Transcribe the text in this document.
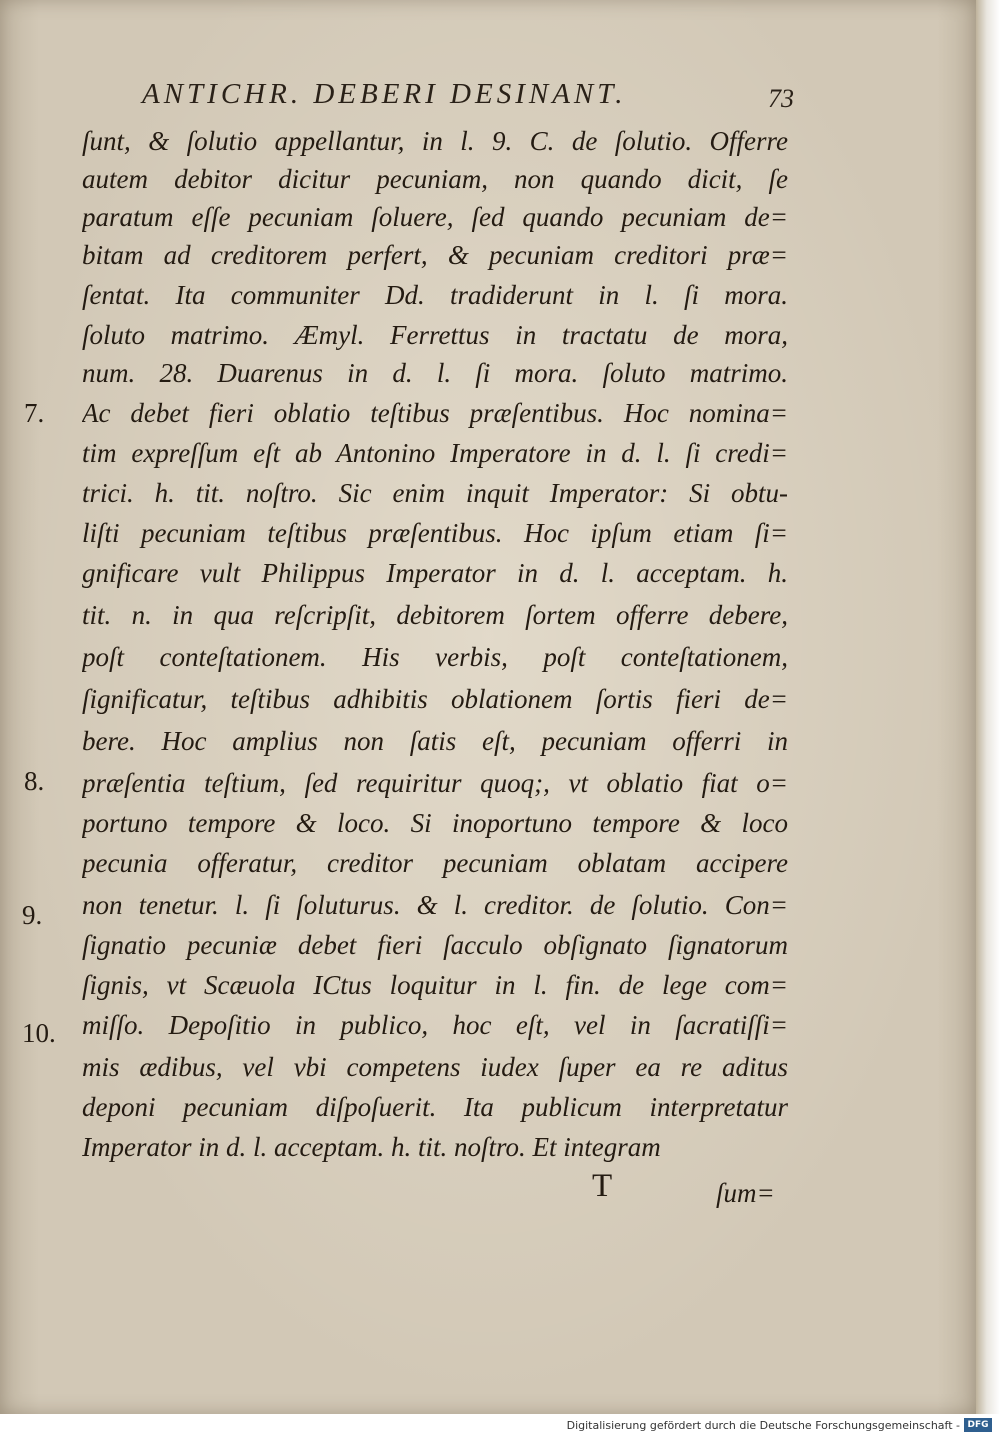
ANTICHR. DEBERI DESINANT.	73
ſunt, & ſolutio appellantur, in l. 9. C. de ſolutio. Offerre
autem debitor dicitur pecuniam, non quando dicit, ſe
paratum eſſe pecuniam ſoluere, ſed quando pecuniam de=
bitam ad creditorem perfert, & pecuniam creditori præ=
ſentat. Ita communiter Dd. tradiderunt in l. ſi mora.
ſoluto matrimo. Æmyl. Ferrettus in tractatu de mora,
num. 28. Duarenus in d. l. ſi mora. ſoluto matrimo.
Ac debet fieri oblatio teſtibus præſentibus. Hoc nomina=
tim expreſſum eſt ab Antonino Imperatore in d. l. ſi credi=
trici. h. tit. noſtro. Sic enim inquit Imperator: Si obtu-
liſti pecuniam teſtibus præſentibus. Hoc ipſum etiam ſi=
gnificare vult Philippus Imperator in d. l. acceptam. h.
tit. n. in qua reſcripſit, debitorem ſortem offerre debere,
poſt conteſtationem. His verbis, poſt conteſtationem,
ſignificatur, teſtibus adhibitis oblationem ſortis fieri de=
bere. Hoc amplius non ſatis eſt, pecuniam offerri in
præſentia teſtium, ſed requiritur quoq;, vt oblatio fiat o=
portuno tempore & loco. Si inoportuno tempore & loco
pecunia offeratur, creditor pecuniam oblatam accipere
non tenetur. l. ſi ſoluturus. & l. creditor. de ſolutio. Con=
ſignatio pecuniæ debet fieri ſacculo obſignato ſignatorum
ſignis, vt Scæuola ICtus loquitur in l. fin. de lege com=
miſſo. Depoſitio in publico, hoc eſt, vel in ſacratiſſi=
mis ædibus, vel vbi competens iudex ſuper ea re aditus
deponi pecuniam diſpoſuerit. Ita publicum interpretatur
Imperator in d. l. acceptam. h. tit. noſtro. Et integram
7.
8.
9.
10.
T	ſum=
Digitalisierung gefördert durch die Deutsche Forschungsgemeinschaft - DFG
